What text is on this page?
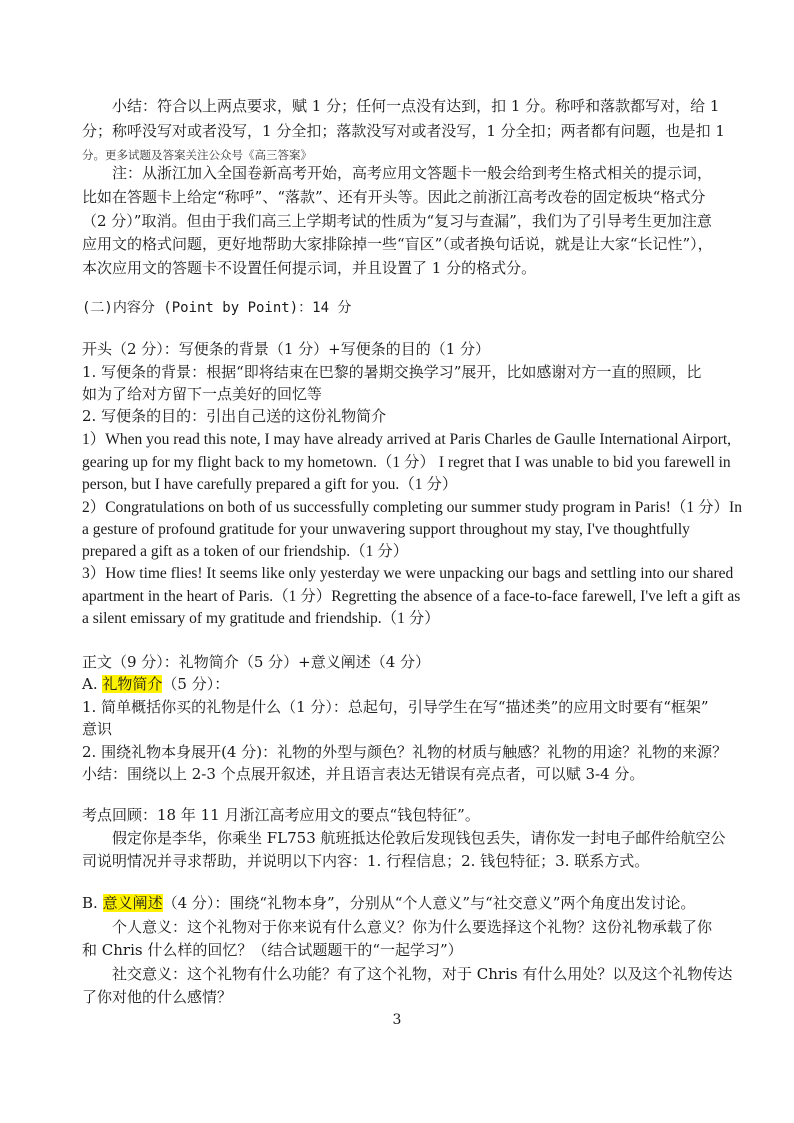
小结：符合以上两点要求，赋 1 分；任何一点没有达到，扣 1 分。称呼和落款都写对，给 1
分；称呼没写对或者没写，1 分全扣；落款没写对或者没写，1 分全扣；两者都有问题，也是扣 1
分。更多试题及答案关注公众号《高三答案》
注：从浙江加入全国卷新高考开始，高考应用文答题卡一般会给到考生格式相关的提示词，
比如在答题卡上给定“称呼”、“落款”、还有开头等。因此之前浙江高考改卷的固定板块“格式分
（2 分）”取消。但由于我们高三上学期考试的性质为“复习与查漏”，我们为了引导考生更加注意
应用文的格式问题，更好地帮助大家排除掉一些“盲区”（或者换句话说，就是让大家“长记性”），
本次应用文的答题卡不设置任何提示词，并且设置了 1 分的格式分。
(二)内容分 (Point by Point)：14 分
开头（2 分）：写便条的背景（1 分）+写便条的目的（1 分）
1. 写便条的背景：根据“即将结束在巴黎的暑期交换学习”展开，比如感谢对方一直的照顾，比
如为了给对方留下一点美好的回忆等
2. 写便条的目的：引出自己送的这份礼物简介
1）When you read this note, I may have already arrived at Paris Charles de Gaulle International Airport,
gearing up for my flight back to my hometown.（1 分） I regret that I was unable to bid you farewell in
person, but I have carefully prepared a gift for you.（1 分）
2）Congratulations on both of us successfully completing our summer study program in Paris!（1 分）In
a gesture of profound gratitude for your unwavering support throughout my stay, I've thoughtfully
prepared a gift as a token of our friendship.（1 分）
3）How time flies! It seems like only yesterday we were unpacking our bags and settling into our shared
apartment in the heart of Paris.（1 分）Regretting the absence of a face-to-face farewell, I've left a gift as
a silent emissary of my gratitude and friendship.（1 分）
正文（9 分）：礼物简介（5 分）+意义阐述（4 分）
A. 礼物简介（5 分）：
1. 简单概括你买的礼物是什么（1 分）：总起句，引导学生在写“描述类”的应用文时要有“框架”
意识
2. 围绕礼物本身展开(4 分)：礼物的外型与颜色？礼物的材质与触感？礼物的用途？礼物的来源？
小结：围绕以上 2-3 个点展开叙述，并且语言表达无错误有亮点者，可以赋 3-4 分。
考点回顾：18 年 11 月浙江高考应用文的要点“钱包特征”。
假定你是李华，你乘坐 FL753 航班抵达伦敦后发现钱包丢失，请你发一封电子邮件给航空公
司说明情况并寻求帮助，并说明以下内容：1. 行程信息；2. 钱包特征；3. 联系方式。
B. 意义阐述（4 分）：围绕“礼物本身”，分别从“个人意义”与“社交意义”两个角度出发讨论。
个人意义：这个礼物对于你来说有什么意义？你为什么要选择这个礼物？这份礼物承载了你
和 Chris 什么样的回忆？（结合试题题干的“一起学习”）
社交意义：这个礼物有什么功能？有了这个礼物，对于 Chris 有什么用处？以及这个礼物传达
了你对他的什么感情？
3
